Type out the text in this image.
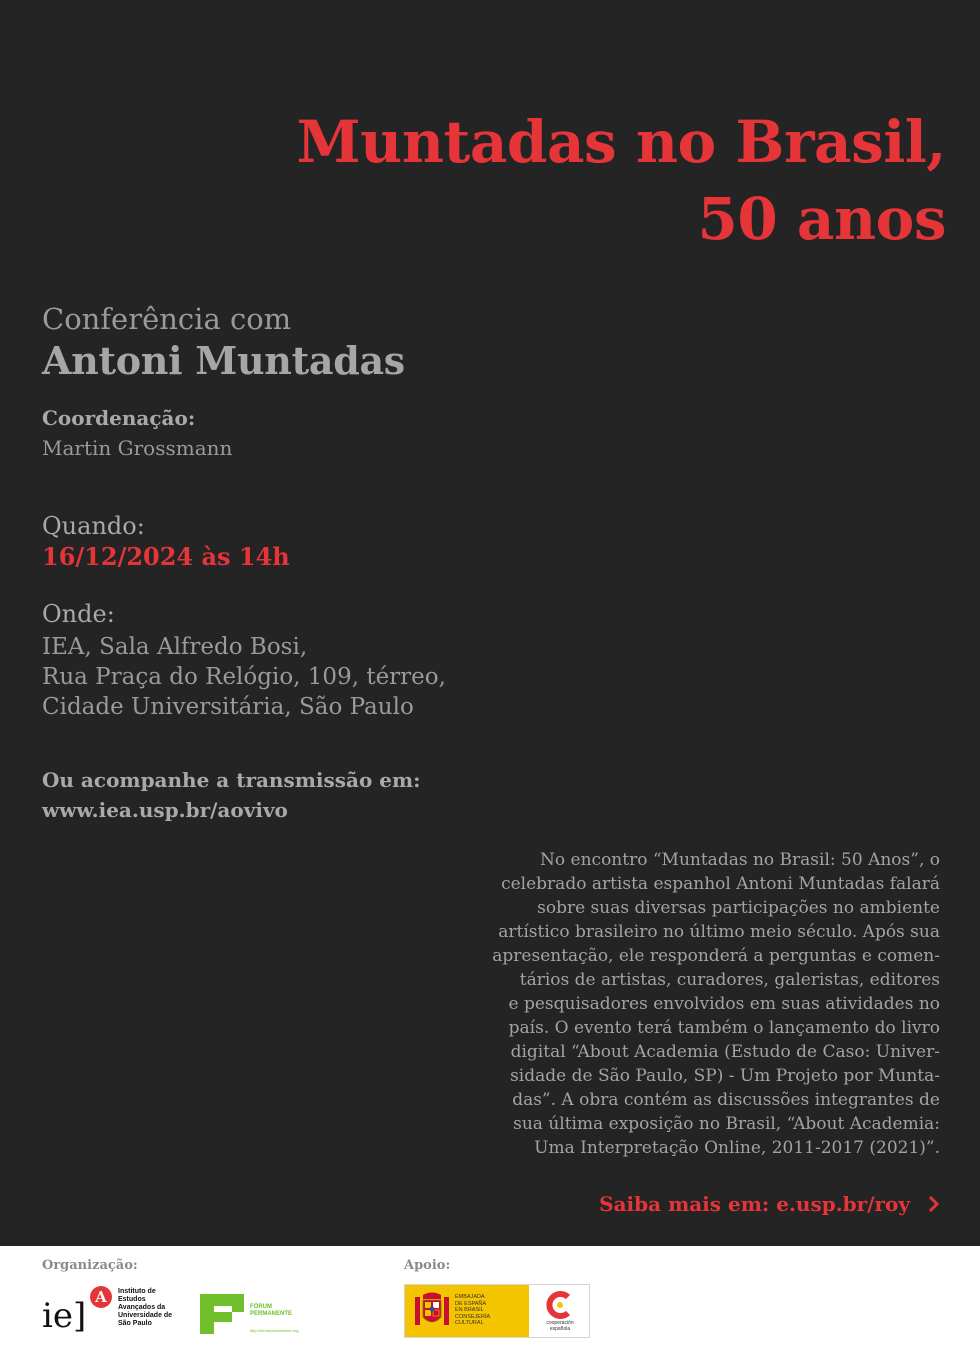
Muntadas no Brasil,
50 anos
Conferência com
Antoni Muntadas
Coordenação:
Martin Grossmann
Quando:
16/12/2024 às 14h
Onde:
IEA, Sala Alfredo Bosi,
Rua Praça do Relógio, 109, térreo,
Cidade Universitária, São Paulo
Ou acompanhe a transmissão em:
www.iea.usp.br/aovivo
No encontro “Muntadas no Brasil: 50 Anos”, o
celebrado artista espanhol Antoni Muntadas falará
sobre suas diversas participações no ambiente
artístico brasileiro no último meio século. Após sua
apresentação, ele responderá a perguntas e comen-
tários de artistas, curadores, galeristas, editores
e pesquisadores envolvidos em suas atividades no
país. O evento terá também o lançamento do livro
digital “About Academia (Estudo de Caso: Univer-
sidade de São Paulo, SP) - Um Projeto por Munta-
das”. A obra contém as discussões integrantes de
sua última exposição no Brasil, “About Academia:
Uma Interpretação Online, 2011-2017 (2021)”.
Saiba mais em: e.usp.br/roy
Organização:	Apoio:
ie] A	Instituto de
Estudos
Avançados da
Universidade de
São Paulo
FÓRUM
PERMANENTE
http://forumpermanente.org
EMBAJADA
DE ESPAÑA
EN BRASIL
CONSEJERÍA
CULTURAL	cooperación
española
